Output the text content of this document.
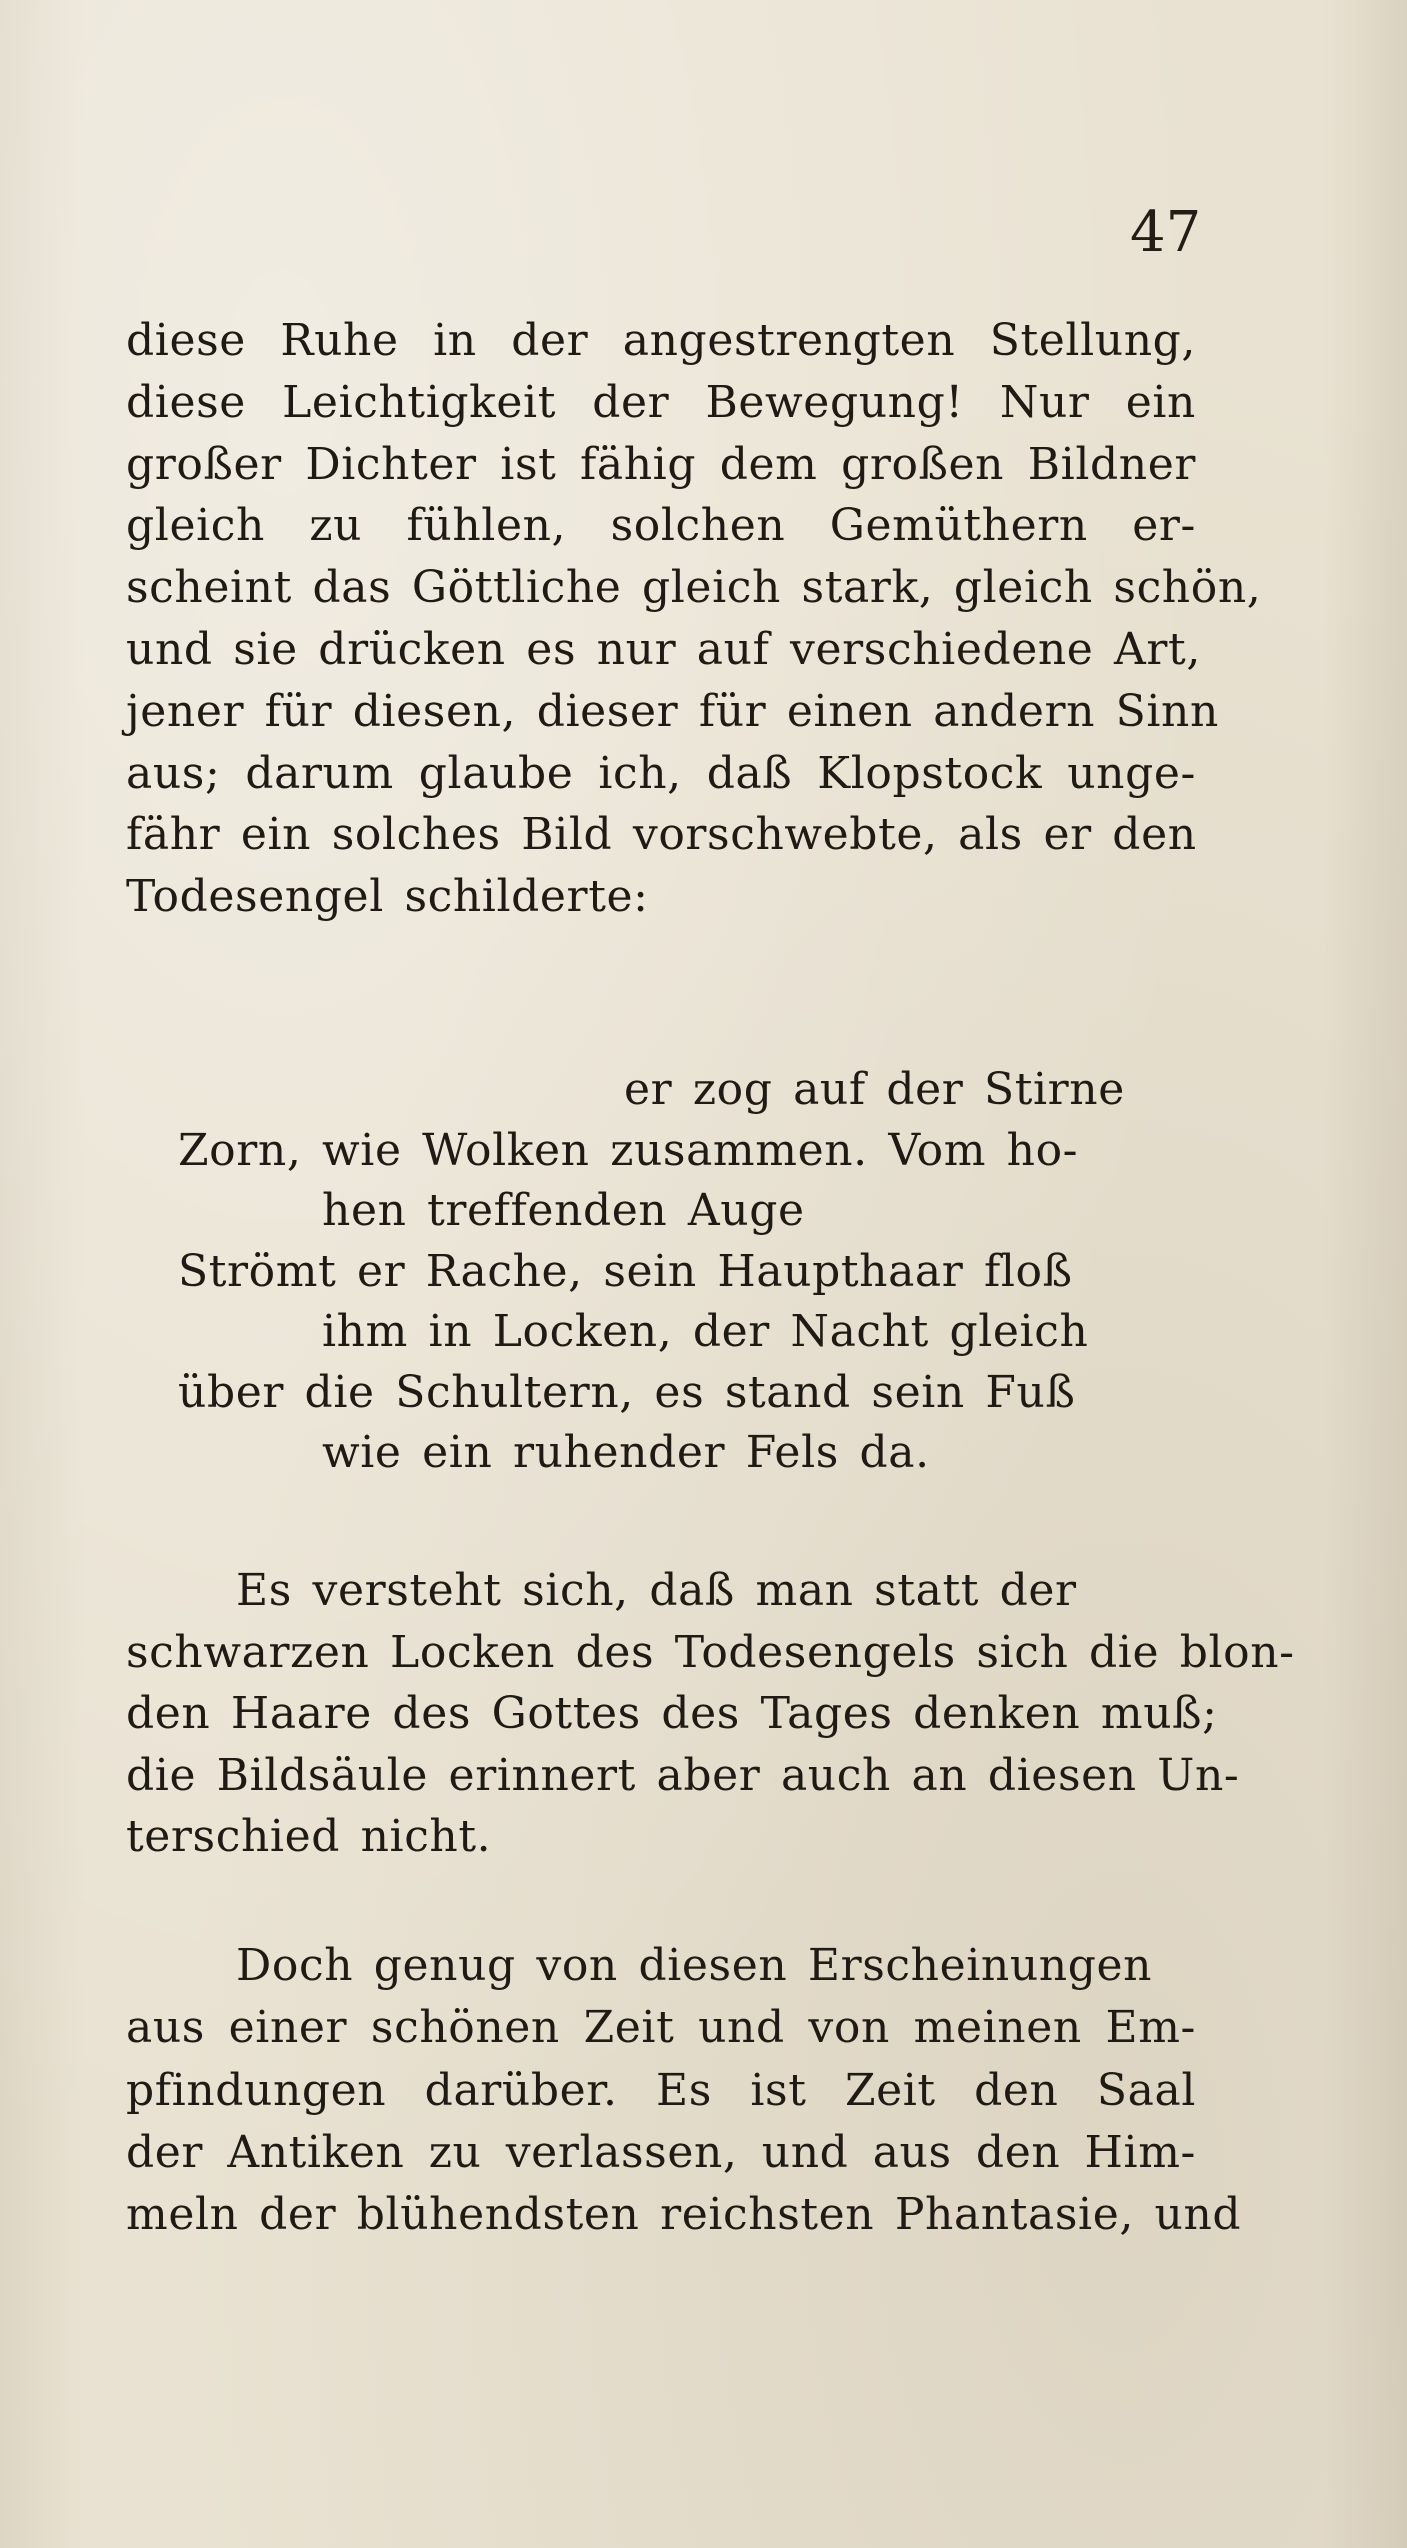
47
diese Ruhe in der angestrengten Stellung,
diese Leichtigkeit der Bewegung! Nur ein
großer Dichter ist fähig dem großen Bildner
gleich zu fühlen, solchen Gemüthern er-
scheint das Göttliche gleich stark, gleich schön,
und sie drücken es nur auf verschiedene Art,
jener für diesen, dieser für einen andern Sinn
aus; darum glaube ich, daß Klopstock unge-
fähr ein solches Bild vorschwebte, als er den
Todesengel schilderte:
er zog auf der Stirne
Zorn, wie Wolken zusammen. Vom ho-
hen treffenden Auge
Strömt er Rache, sein Haupthaar floß
ihm in Locken, der Nacht gleich
über die Schultern, es stand sein Fuß
wie ein ruhender Fels da.
Es versteht sich, daß man statt der
schwarzen Locken des Todesengels sich die blon-
den Haare des Gottes des Tages denken muß;
die Bildsäule erinnert aber auch an diesen Un-
terschied nicht.
Doch genug von diesen Erscheinungen
aus einer schönen Zeit und von meinen Em-
pfindungen darüber. Es ist Zeit den Saal
der Antiken zu verlassen, und aus den Him-
meln der blühendsten reichsten Phantasie, und
